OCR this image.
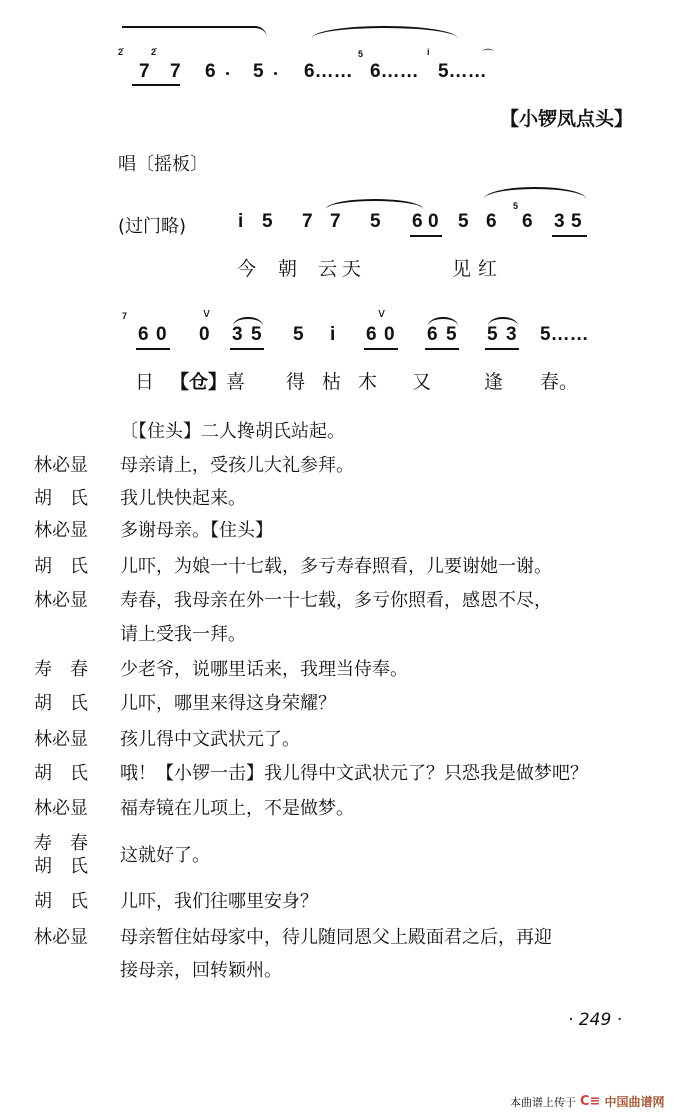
2̇
7
2̇
7 6 5 6……
5
6……
i
5……
⌒
【小锣凤点头】
唱〔摇板〕
(过门略)	i 5 7 7 5 6 0 5 6
5
6 3 5
今 朝 云 天	见 红
7
6 0
v
0 3 5 5 i
v
6 0 6 5 5 3 5……
日 【仓】
喜 得 枯 木 又	逢 春。
〔【住头】二人搀胡氏站起。
林必显 母亲请上，受孩儿大礼参拜。
胡　氏 我儿快快起来。
林必显 多谢母亲。【住头】
胡　氏 儿吓，为娘一十七载，多亏寿春照看，儿要谢她一谢。
林必显 寿春，我母亲在外一十七载，多亏你照看，感恩不尽，
请上受我一拜。
寿　春 少老爷，说哪里话来，我理当侍奉。
胡　氏 儿吓，哪里来得这身荣耀？
林必显 孩儿得中文武状元了。
胡　氏 哦！【小锣一击】我儿得中文武状元了？只恐我是做梦吧？
林必显 福寿镜在儿项上，不是做梦。
寿　春
胡　氏
这就好了。
胡　氏 儿吓，我们往哪里安身？
林必显 母亲暂住姑母家中，待儿随同恩父上殿面君之后，再迎
接母亲，回转颖州。
· 249 ·
本曲谱上传于 C≡ 中国曲谱网
